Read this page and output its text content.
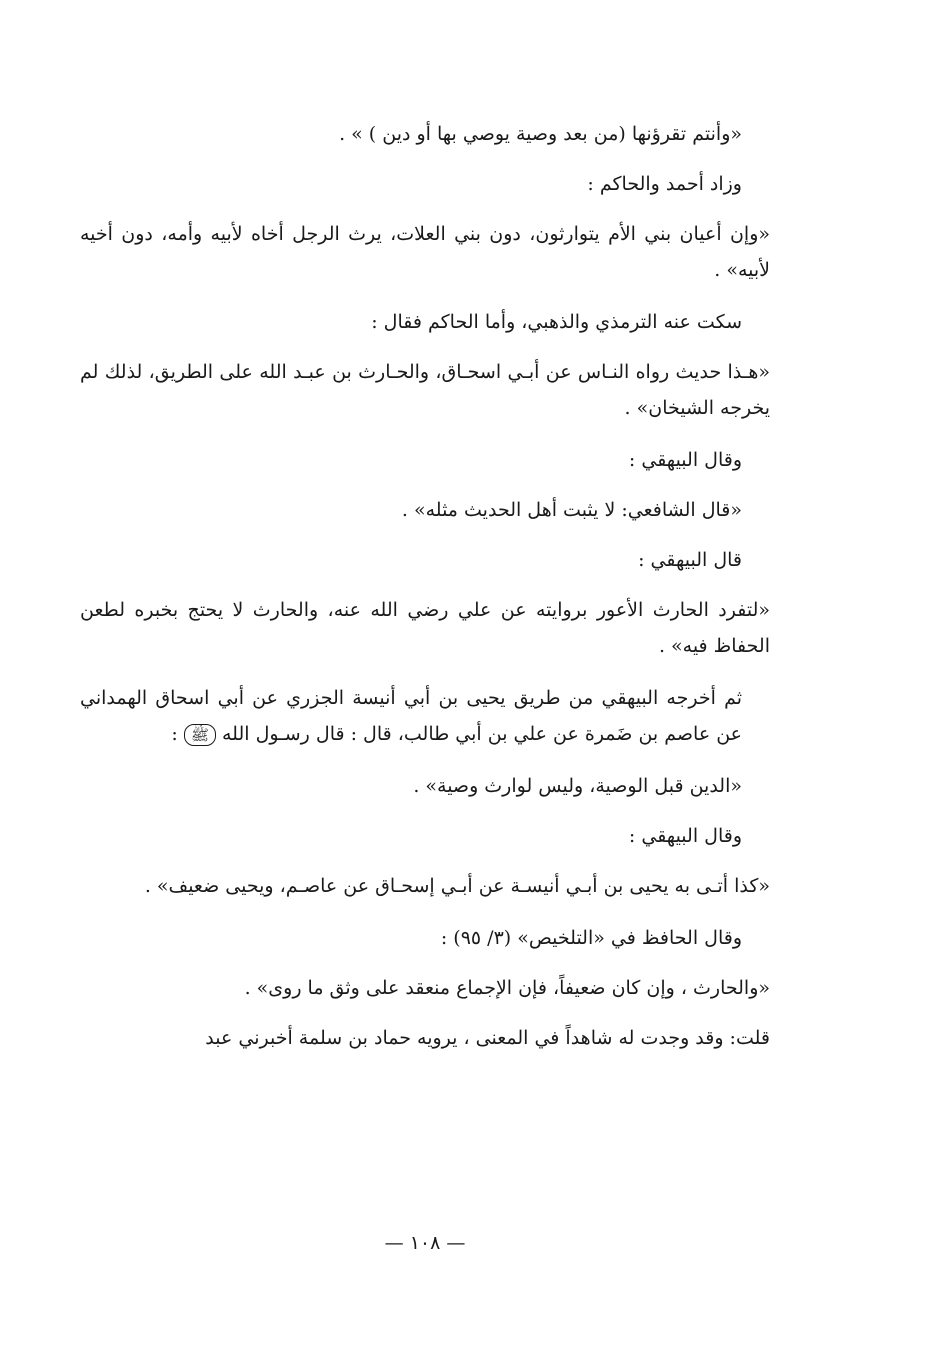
«وأنتم تقرؤنها (من بعد وصية يوصي بها أو دين ) » .

وزاد أحمد والحاكم :

«وإن أعيان بني الأم يتوارثون، دون بني العلات، يرث الرجل أخاه لأبيه وأمه، دون أخيه لأبيه» .

سكت عنه الترمذي والذهبي، وأما الحاكم فقال :

«هـذا حديث رواه النـاس عن أبـي اسحـاق، والحـارث بن عبـد الله على الطريق، لذلك لم يخرجه الشيخان» .

وقال البيهقي :

«قال الشافعي: لا يثبت أهل الحديث مثله» .

قال البيهقي :

«لتفرد الحارث الأعور بروايته عن علي رضي الله عنه، والحارث لا يحتج بخبره لطعن الحفاظ فيه» .

ثم أخرجه البيهقي من طريق يحيى بن أبي أنيسة الجزري عن أبي اسحاق الهمداني عن عاصم بن ضَمرة عن علي بن أبي طالب، قال : قال رسـول الله ﷺ :

«الدين قبل الوصية، وليس لوارث وصية» .

وقال البيهقي :

«كذا أتـى به يحيى بن أبـي أنيسـة عن أبـي إسحـاق عن عاصـم، ويحيى ضعيف» .

وقال الحافظ في «التلخيص» (٣/ ٩٥) :

«والحارث ، وإن كان ضعيفاً، فإن الإجماع منعقد على وثق ما روى» .

قلت: وقد وجدت له شاهداً في المعنى ، يرويه حماد بن سلمة أخبرني عبد

— ١٠٨ —
